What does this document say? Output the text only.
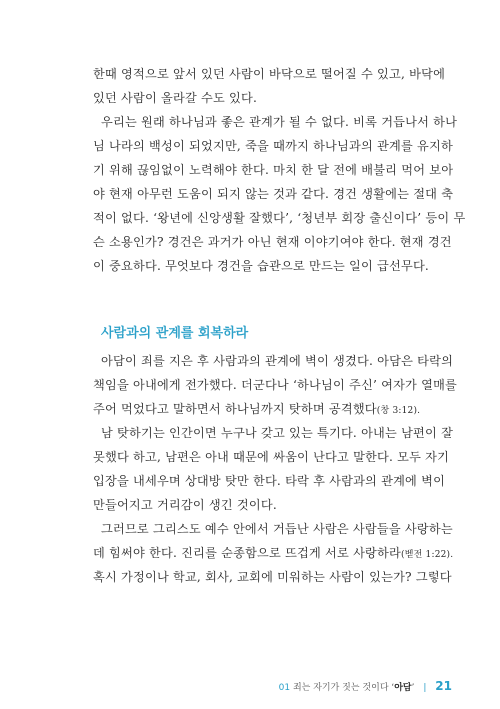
한때 영적으로 앞서 있던 사람이 바닥으로 떨어질 수 있고, 바닥에
있던 사람이 올라갈 수도 있다.
우리는 원래 하나님과 좋은 관계가 될 수 없다. 비록 거듭나서 하나
님 나라의 백성이 되었지만, 죽을 때까지 하나님과의 관계를 유지하
기 위해 끊임없이 노력해야 한다. 마치 한 달 전에 배불리 먹어 보아
야 현재 아무런 도움이 되지 않는 것과 같다. 경건 생활에는 절대 축
적이 없다. ‘왕년에 신앙생활 잘했다’, ‘청년부 회장 출신이다’ 등이 무
슨 소용인가? 경건은 과거가 아닌 현재 이야기여야 한다. 현재 경건
이 중요하다. 무엇보다 경건을 습관으로 만드는 일이 급선무다.
사람과의 관계를 회복하라
아담이 죄를 지은 후 사람과의 관계에 벽이 생겼다. 아담은 타락의
책임을 아내에게 전가했다. 더군다나 ‘하나님이 주신’ 여자가 열매를
주어 먹었다고 말하면서 하나님까지 탓하며 공격했다(창 3:12).
남 탓하기는 인간이면 누구나 갖고 있는 특기다. 아내는 남편이 잘
못했다 하고, 남편은 아내 때문에 싸움이 난다고 말한다. 모두 자기
입장을 내세우며 상대방 탓만 한다. 타락 후 사람과의 관계에 벽이
만들어지고 거리감이 생긴 것이다.
그러므로 그리스도 예수 안에서 거듭난 사람은 사람들을 사랑하는
데 힘써야 한다. 진리를 순종함으로 뜨겁게 서로 사랑하라(벧전 1:22).
혹시 가정이나 학교, 회사, 교회에 미워하는 사람이 있는가? 그렇다
01 죄는 자기가 짓는 것이다 ‘아담’ | 21
